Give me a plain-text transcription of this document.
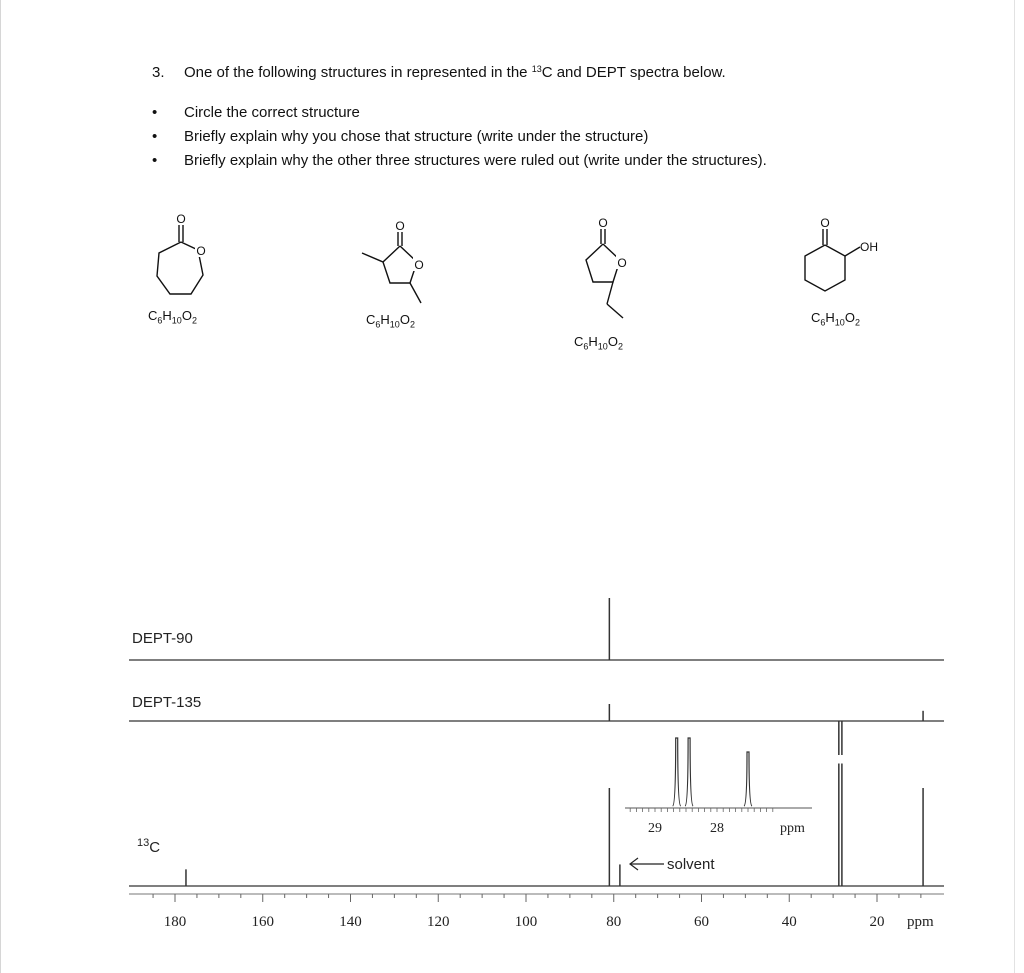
3. One of the following structures in represented in the $^{13}$C and DEPT spectra below.
• Circle the correct structure
• Briefly explain why you chose that structure (write under the structure)
• Briefly explain why the other three structures were ruled out (write under the structures).
$C_6H_{10}O_2$	$C_6H_{10}O_2$
$C_6H_{10}O_2$
$C_6H_{10}O_2$
O
O
O
O
O
O
O
OH
DEPT-90
DEPT-135
$^{13}$C
180	160	140	120	100	80	60	40	20 ppm
solvent
29	28	ppm
